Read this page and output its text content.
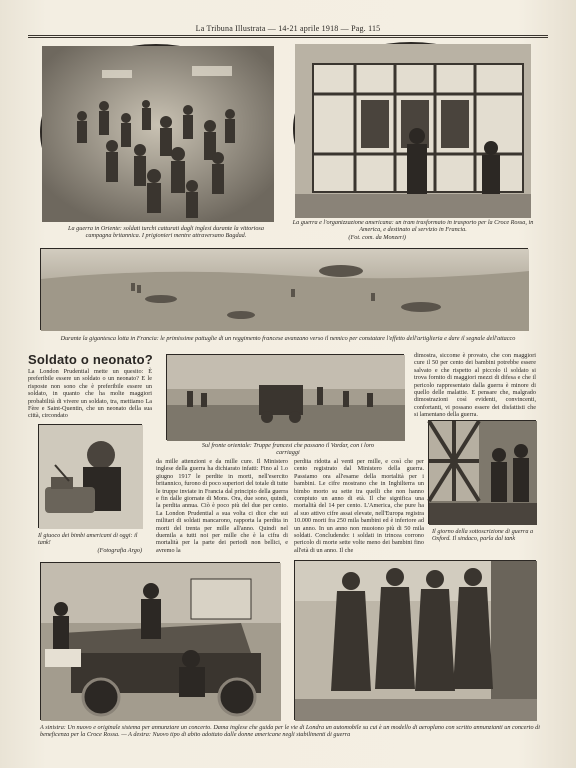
La Tribuna Illustrata — 14-21 aprile 1918 — Pag. 115
La guerra in Oriente: soldati turchi catturati dagli inglesi durante la vittoriosa campagna britannica. I prigionieri mentre attraversano Bagdad.
La guerra e l'organizzazione americana: un tram trasformato in trasporto per la Croce Rossa, in America, e destinato al servizio in Francia.
(Fot. com. da Monzeri)
Durante la gigantesca lotta in Francia: le primissime pattuglie di un reggimento francese avanzano verso il nemico per constatare l'effetto dell'artiglieria e dare il segnale dell'attacco
Soldato o neonato?
La London Prudential mette un quesito: È preferibile essere un soldato o un neonato? E le risposte non sono che è preferibile essere un soldato, in quanto che ha molte maggiori probabilità di vivere un soldato, tra, mettiamo La Fère e Saint-Quentin, che un neonato della sua città, circondato
Sul fronte orientale: Truppe francesi che passano il Vardar, con i loro carriaggi
dimostra, siccome è provato, che con maggiori cure il 50 per cento dei bambini potrebbe essere salvato e che rispetto al piccolo il soldato si trova fornito di maggiori mezzi di difesa e che il pericolo rappresentato dalla guerra è minore di quello delle malattie. E pensare che, malgrado dimostrazioni così evidenti, convincenti, confortanti, vi possano essere dei disfattisti che si lamentano della guerra.
Il giuoco dei bimbi americani di oggi: il tank!
(Fotografia Argo)
da mille attenzioni e da mille cure. Il Ministero inglese della guerra ha dichiarato infatti: Fino al 1.o giugno 1917 le perdite in morti, nell'esercito britannico, furono di poco superiori del totale di tutte le truppe inviate in Francia dal principio della guerra e fin dalle giornate di Mons. Ora, due sono, quindi, la perdita annua. Ciò è poco più del due per cento. La London Prudential a sua volta ci dice che sui militari di soldati mancarono, rapporta la perdita in morti del trenta per mille all'anno. Quindi nel duemila a tutti noi per mille che è la cifra di mortalità per la parte dei periodi non bellici, e avremo la
perdita ridotta al venti per mille, e così che per cento registrato dal Ministero della guerra. Passiamo ora all'esame della mortalità per i bambini. Le cifre mostrano che in Inghilterra un bimbo morto su sette tra quelli che non hanno compiuto un anno di età. Il che significa una mortalità del 14 per cento. L'America, che pure ha al suo attivo cifre assai elevate, nell'Europa registra 10.000 morti fra 250 mila bambini ed è inferiore ad un anno. In un anno non muoiono più di 50 mila soldati. Concludendo: i soldati in trincea corrono pericolo di morte sette volte meno dei bambini fino all'età di un anno. Il che
Il giorno della sottoscrizione di guerra a Oxford. Il sindaco, parla dal tank
A sinistra: Un nuovo e originale sistema per annunziare un concerto. Dama inglese che guida per le vie di Londra un automobile su cui è un modello di aeroplano con scritto annunzianti un concerto di beneficenza per la Croce Rossa. — A destra: Nuovo tipo di abito adottato dalle donne americane negli stabilimenti di guerra
